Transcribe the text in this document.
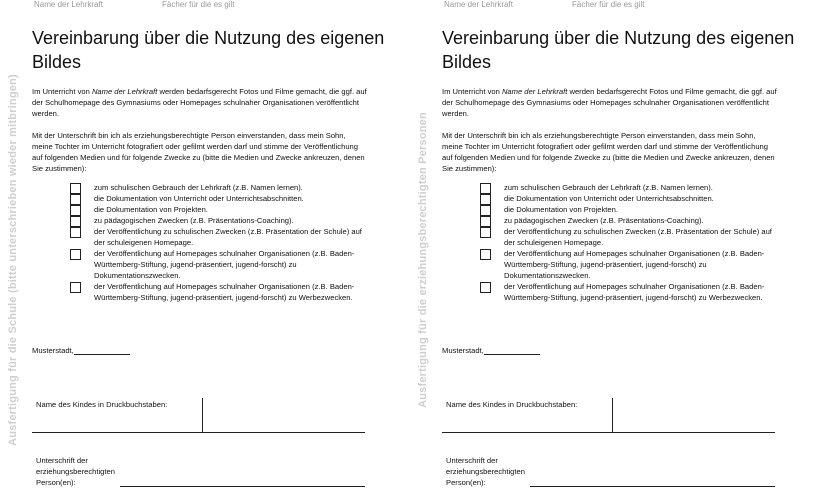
Name der Lehrkraft	Fächer für die es gilt
Ausfertigung für die Schule (bitte unterschrieben wieder mitbringen)
Vereinbarung über die Nutzung des eigenen Bildes

Im Unterricht von Name der Lehrkraft werden bedarfsgerecht Fotos und Filme gemacht, die ggf. auf der Schulhomepage des Gymnasiums oder Homepages schulnaher Organisationen veröffentlicht werden.

Mit der Unterschrift bin ich als erziehungsberechtigte Person einverstanden, dass mein Sohn, meine Tochter im Unterricht fotografiert oder gefilmt werden darf und stimme der Veröffentlichung auf folgenden Medien und für folgende Zwecke zu (bitte die Medien und Zwecke ankreuzen, denen Sie zustimmen):

zum schulischen Gebrauch der Lehrkraft (z.B. Namen lernen).
die Dokumentation von Unterricht oder Unterrichtsabschnitten.
die Dokumentation von Projekten.
zu pädagogischen Zwecken (z.B. Präsentations-Coaching).
der Veröffentlichung zu schulischen Zwecken (z.B. Präsentation der Schule) auf der schuleigenen Homepage.
der Veröffentlichung auf Homepages schulnaher Organisationen (z.B. Baden-Württemberg-Stiftung, jugend-präsentiert, jugend-forscht) zu Dokumentationszwecken.
der Veröffentlichung auf Homepages schulnaher Organisationen (z.B. Baden-Württemberg-Stiftung, jugend-präsentiert, jugend-forscht) zu Werbezwecken.
Musterstadt,
Name des Kindes in Druckbuchstaben:
Unterschrift der erziehungsberechtigten Person(en):
Name der Lehrkraft	Fächer für die es gilt
Ausfertigung für die erziehungsberechtigten Personen
Vereinbarung über die Nutzung des eigenen Bildes

Im Unterricht von Name der Lehrkraft werden bedarfsgerecht Fotos und Filme gemacht, die ggf. auf der Schulhomepage des Gymnasiums oder Homepages schulnaher Organisationen veröffentlicht werden.

Mit der Unterschrift bin ich als erziehungsberechtigte Person einverstanden, dass mein Sohn, meine Tochter im Unterricht fotografiert oder gefilmt werden darf und stimme der Veröffentlichung auf folgenden Medien und für folgende Zwecke zu (bitte die Medien und Zwecke ankreuzen, denen Sie zustimmen):

zum schulischen Gebrauch der Lehrkraft (z.B. Namen lernen).
die Dokumentation von Unterricht oder Unterrichtsabschnitten.
die Dokumentation von Projekten.
zu pädagogischen Zwecken (z.B. Präsentations-Coaching).
der Veröffentlichung zu schulischen Zwecken (z.B. Präsentation der Schule) auf der schuleigenen Homepage.
der Veröffentlichung auf Homepages schulnaher Organisationen (z.B. Baden-Württemberg-Stiftung, jugend-präsentiert, jugend-forscht) zu Dokumentationszwecken.
der Veröffentlichung auf Homepages schulnaher Organisationen (z.B. Baden-Württemberg-Stiftung, jugend-präsentiert, jugend-forscht) zu Werbezwecken.
Musterstadt,
Name des Kindes in Druckbuchstaben:
Unterschrift der erziehungsberechtigten Person(en):
